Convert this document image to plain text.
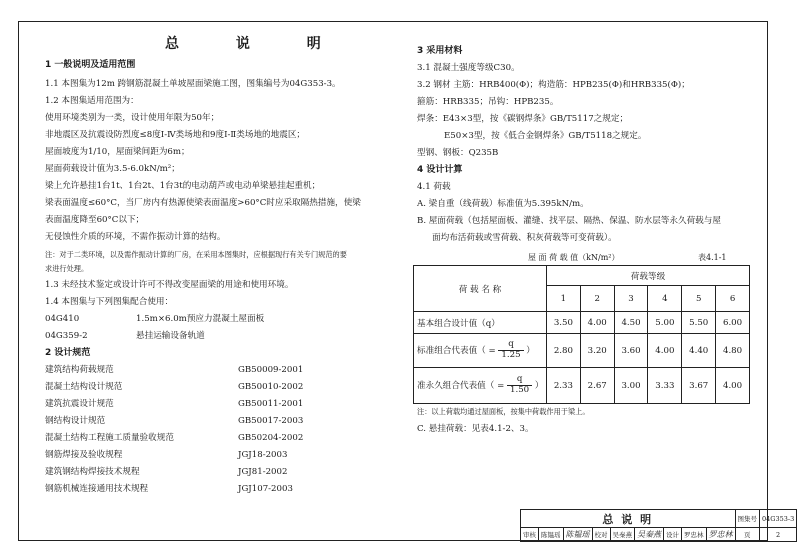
总 说 明
1 一般说明及适用范围
1.1 本图集为12m 跨钢筋混凝土单坡屋面梁施工图，图集编号为04G353-3。
1.2 本图集适用范围为：
使用环境类别为一类，设计使用年限为50年；
非地震区及抗震设防烈度≤8度Ⅰ-Ⅳ类场地和9度Ⅰ-Ⅱ类场地的地震区；
屋面坡度为1/10，屋面梁间距为6m；
屋面荷载设计值为3.5-6.0kN/m²；
梁上允许悬挂1台1t、1台2t、1台3t的电动葫芦或电动单梁悬挂起重机；
梁表面温度≤60°C，当厂房内有热源使梁表面温度>60°C时应采取隔热措施，使梁
表面温度降至60°C以下；
无侵蚀性介质的环境，不需作振动计算的结构。
注：对于二类环境，以及需作振动计算的厂房，在采用本图集时，应根据现行有关专门规范的要
求进行处理。
1.3 未经技术鉴定或设计许可不得改变屋面梁的用途和使用环境。
1.4 本图集与下列图集配合使用：
04G410	1.5m×6.0m预应力混凝土屋面板
04G359-2	悬挂运输设备轨道
2 设计规范
建筑结构荷载规范	GB50009-2001
混凝土结构设计规范	GB50010-2002
建筑抗震设计规范	GB50011-2001
钢结构设计规范	GB50017-2003
混凝土结构工程施工质量验收规范	GB50204-2002
钢筋焊接及验收规程	JGJ18-2003
建筑钢结构焊接技术规程	JGJ81-2002
钢筋机械连接通用技术规程	JGJ107-2003
3 采用材料
3.1 混凝土强度等级C30。
3.2 钢材 主筋：HRB400(Φ)；构造筋：HPB235(Φ)和HRB335(Φ)；
箍筋：HRB335；吊钩：HPB235。
焊条：E43×3型，按《碳钢焊条》GB/T5117之规定；
E50×3型，按《低合金钢焊条》GB/T5118之规定。
型钢、钢板：Q235B
4 设计计算
4.1 荷载
A. 梁自重（线荷载）标准值为5.395kN/m。
B. 屋面荷载（包括屋面板、灌缝、找平层、隔热、保温、防水层等永久荷载与屋
面均布活荷载或雪荷载、积灰荷载等可变荷载）。
屋 面 荷 载 值（kN/m²）	表4.1-1
荷 载 名 称	荷载等级					
	1	2	3	4	5	6
基本组合设计值（q）	3.50	4.00	4.50	5.00	5.50	6.00
标准组合代表值（ = $\frac{q}{1.25}$ ）	2.80	3.20	3.60	4.00	4.40	4.80
准永久组合代表值（ = $\frac{q}{1.50}$ ）	2.33	2.67	3.00	3.33	3.67	4.00
注：以上荷载均通过屋面板，按集中荷载作用于梁上。
C. 悬挂荷载：见表4.1-2、3。
总 说 明									图集号	04G353-3
审核	陈韫瑶	陈韫瑶	校对	吴秦燕	吴秦燕	设计	罗忠林	罗忠林	页	2
